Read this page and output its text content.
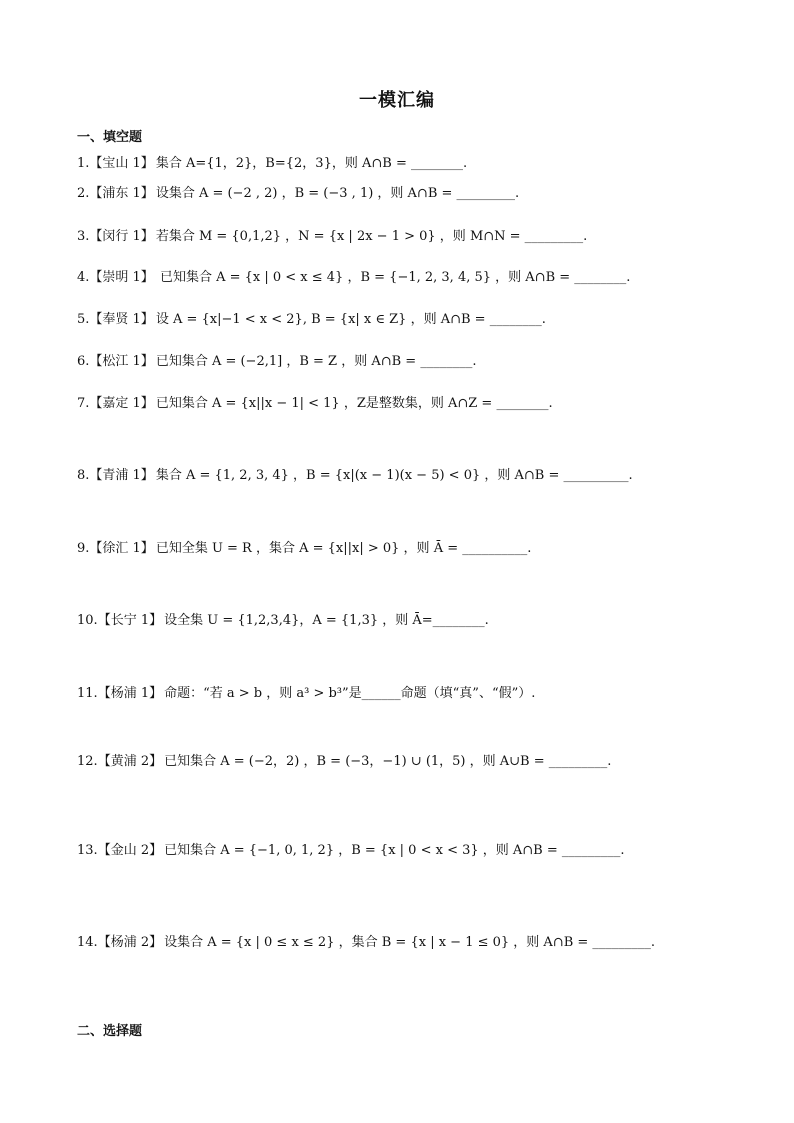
一模汇编
一、填空题
1.【宝山 1】 集合 A={1，2}，B={2，3}，则 A∩B = ________.
2.【浦东 1】 设集合 A = (−2 , 2) ，B = (−3 , 1) ，则 A∩B = _________.
3.【闵行 1】 若集合 M = {0,1,2} ，N = {x | 2x − 1 > 0} ，则 M∩N = _________.
4.【崇明 1】 已知集合 A = {x | 0 < x ≤ 4} ，B = {−1, 2, 3, 4, 5} ，则 A∩B = ________.
5.【奉贤 1】 设 A = {x|−1 < x < 2}, B = {x| x ∈ Z} ，则 A∩B = ________.
6.【松江 1】 已知集合 A = (−2,1] ，B = Z ，则 A∩B = ________.
7.【嘉定 1】 已知集合 A = {x||x − 1| < 1} ，Z是整数集，则 A∩Z = ________.
8.【青浦 1】 集合 A = {1, 2, 3, 4} ，B = {x|(x − 1)(x − 5) < 0} ，则 A∩B = __________.
9.【徐汇 1】 已知全集 U = R ，集合 A = {x||x| > 0} ，则 Ā = __________.
10.【长宁 1】 设全集 U = {1,2,3,4}，A = {1,3} ，则 Ā=________.
11.【杨浦 1】 命题：“若 a > b ，则 a³ > b³”是______命题（填“真”、“假”）.
12.【黄浦 2】 已知集合 A = (−2，2) ，B = (−3，−1) ∪ (1，5) ，则 A∪B = _________.
13.【金山 2】 已知集合 A = {−1, 0, 1, 2} ，B = {x | 0 < x < 3} ，则 A∩B = _________.
14.【杨浦 2】 设集合 A = {x | 0 ≤ x ≤ 2} ，集合 B = {x | x − 1 ≤ 0} ，则 A∩B = _________.
二、选择题
